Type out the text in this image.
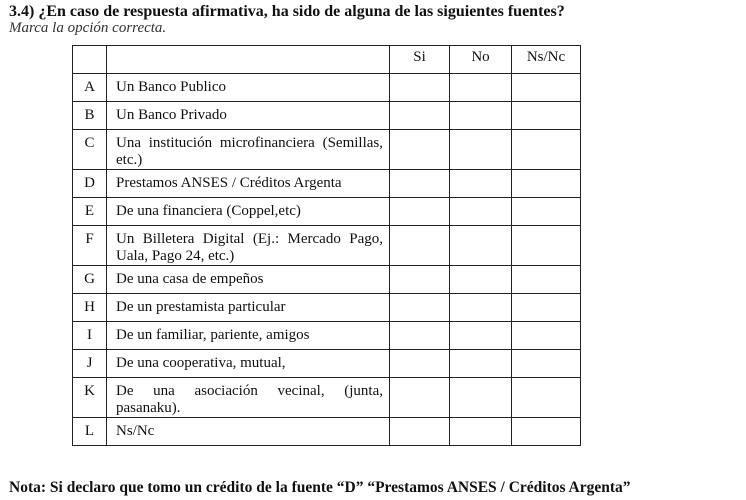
3.4) ¿En caso de respuesta afirmativa, ha sido de alguna de las siguientes fuentes?
Marca la opción correcta.

		Si	No	Ns/Nc

A	Un Banco Publico			

B	Un Banco Privado			

C	Una institución microfinanciera (Semillas, etc.)			

D	Prestamos ANSES / Créditos Argenta			

E	De una financiera (Coppel,etc)			

F	Un Billetera Digital (Ej.: Mercado Pago, Uala, Pago 24, etc.)			

G	De una casa de empeños			

H	De un prestamista particular			

I	De un familiar, pariente, amigos			

J	De una cooperativa, mutual,			

K	De una asociación vecinal, (junta, pasanaku).			

L	Ns/Nc			

Nota: Si declaro que tomo un crédito de la fuente “D” “Prestamos ANSES / Créditos Argenta”
